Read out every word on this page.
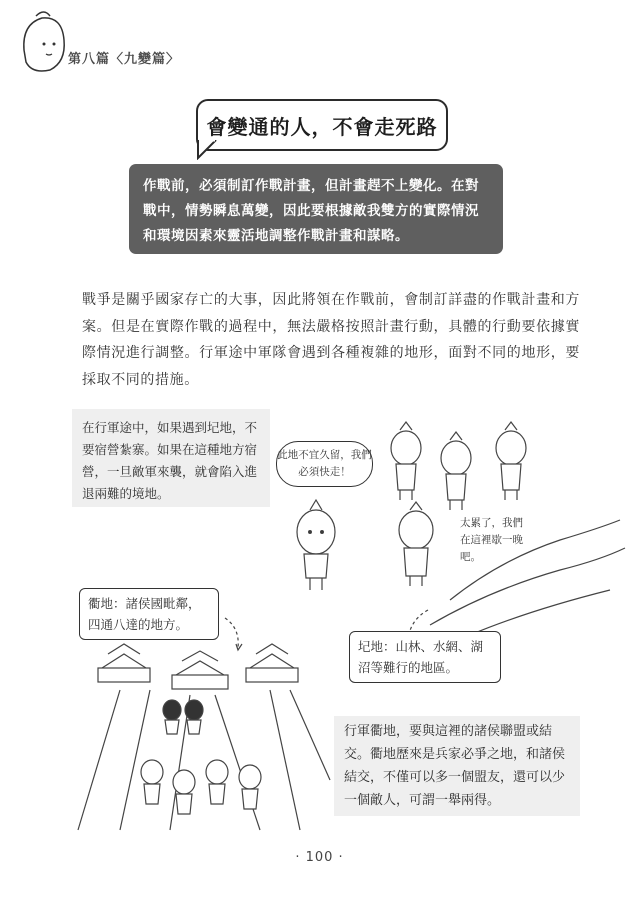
第八篇〈九變篇〉
會變通的人，不會走死路

作戰前，必須制訂作戰計畫，但計畫趕不上變化。在對戰中，情勢瞬息萬變，因此要根據敵我雙方的實際情況和環境因素來靈活地調整作戰計畫和謀略。

戰爭是關乎國家存亡的大事，因此將領在作戰前，會制訂詳盡的作戰計畫和方案。但是在實際作戰的過程中，無法嚴格按照計畫行動，具體的行動要依據實際情況進行調整。行軍途中軍隊會遇到各種複雜的地形，面對不同的地形，要採取不同的措施。

在行軍途中，如果遇到圮地，不要宿營紮寨。如果在這種地方宿營，一旦敵軍來襲，就會陷入進退兩難的境地。
此地不宜久留，我們必須快走！
太累了，我們在這裡歇一晚吧。
衢地：諸侯國毗鄰，四通八達的地方。
圮地：山林、水網、湖沼等難行的地區。
行軍衢地，要與這裡的諸侯聯盟或結交。衢地歷來是兵家必爭之地，和諸侯結交，不僅可以多一個盟友，還可以少一個敵人，可謂一舉兩得。
· 100 ·
